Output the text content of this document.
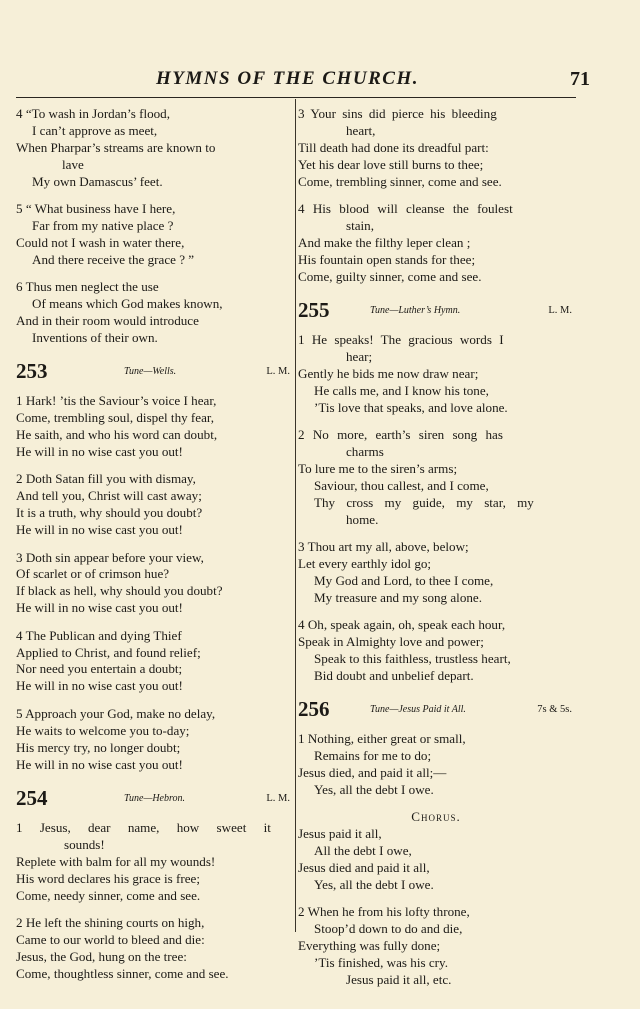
HYMNS OF THE CHURCH.	71

4 “To wash in Jordan’s flood,

I can’t approve as meet,

When Pharpar’s streams are known to

lave

My own Damascus’ feet.

5 “ What business have I here,

Far from my native place ?

Could not I wash in water there,

And there receive the grace ? ”

6 Thus men neglect the use

Of means which God makes known,

And in their room would introduce

Inventions of their own.

253	Tune—Wells.	L. M.

1 Hark! ’tis the Saviour’s voice I hear,

Come, trembling soul, dispel thy fear,

He saith, and who his word can doubt,

He will in no wise cast you out!

2 Doth Satan fill you with dismay,

And tell you, Christ will cast away;

It is a truth, why should you doubt?

He will in no wise cast you out!

3 Doth sin appear before your view,

Of scarlet or of crimson hue?

If black as hell, why should you doubt?

He will in no wise cast you out!

4 The Publican and dying Thief

Applied to Christ, and found relief;

Nor need you entertain a doubt;

He will in no wise cast you out!

5 Approach your God, make no delay,

He waits to welcome you to-day;

His mercy try, no longer doubt;

He will in no wise cast you out!

254	Tune—Hebron.	L. M.

1 Jesus, dear name, how sweet it

sounds!

Replete with balm for all my wounds!

His word declares his grace is free;

Come, needy sinner, come and see.

2 He left the shining courts on high,

Came to our world to bleed and die:

Jesus, the God, hung on the tree:

Come, thoughtless sinner, come and see.

3 Your sins did pierce his bleeding

heart,

Till death had done its dreadful part:

Yet his dear love still burns to thee;

Come, trembling sinner, come and see.

4 His blood will cleanse the foulest

stain,

And make the filthy leper clean ;

His fountain open stands for thee;

Come, guilty sinner, come and see.

255	Tune—Luther’s Hymn.	L. M.

1 He speaks! The gracious words I

hear;

Gently he bids me now draw near;

He calls me, and I know his tone,

’Tis love that speaks, and love alone.

2 No more, earth’s siren song has

charms

To lure me to the siren’s arms;

Saviour, thou callest, and I come,

Thy cross my guide, my star, my

home.

3 Thou art my all, above, below;

Let every earthly idol go;

My God and Lord, to thee I come,

My treasure and my song alone.

4 Oh, speak again, oh, speak each hour,

Speak in Almighty love and power;

Speak to this faithless, trustless heart,

Bid doubt and unbelief depart.

256	Tune—Jesus Paid it All.	7s & 5s.

1 Nothing, either great or small,

Remains for me to do;

Jesus died, and paid it all;—

Yes, all the debt I owe.

Chorus.

Jesus paid it all,

All the debt I owe,

Jesus died and paid it all,

Yes, all the debt I owe.

2 When he from his lofty throne,

Stoop’d down to do and die,

Everything was fully done;

’Tis finished, was his cry.

Jesus paid it all, etc.
